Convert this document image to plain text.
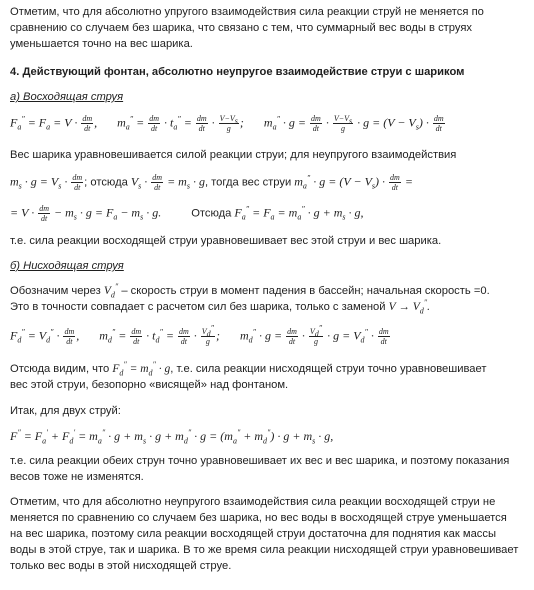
Отметим, что для абсолютно упругого взаимодействия сила реакции струй не меняется по сравнению со случаем без шарика, что связано с тем, что суммарный вес воды в струях уменьшается точно на вес шарика.

4. Действующий фонтан, абсолютно неупругое взаимодействие струи с шариком

а) Восходящая струя

$F_a'' = F_a = V \cdot \frac{dm}{dt}$ ,  $m_a'' = \frac{dm}{dt} \cdot t_a'' = \frac{dm}{dt} \cdot \frac{V-V_s}{g}$ ;  $m_a'' \cdot g = \frac{dm}{dt} \cdot \frac{V-V_s}{g} \cdot g = (V - V_s) \cdot \frac{dm}{dt}$

Вес шарика уравновешивается силой реакции струи; для неупругого взаимодействия

$m_s \cdot g = V_s \cdot \frac{dm}{dt}$ ; отсюда $V_s \cdot \frac{dm}{dt} = m_s \cdot g$, тогда вес струи $m_a'' \cdot g = (V - V_s) \cdot \frac{dm}{dt}$ =
= $V \cdot \frac{dm}{dt} - m_s \cdot g = F_a - m_s \cdot g$.  Отсюда $F_a'' = F_a = m_a'' \cdot g + m_s \cdot g$,

т.е. сила реакции восходящей струи уравновешивает вес этой струи и вес шарика.

б) Нисходящая струя

Обозначим через $V_d''$ – скорость струи в момент падения в бассейн; начальная скорость =0.

Это в точности совпадает с расчетом сил без шарика, только с заменой $V \to V_d''$.

$F_d'' = V_d'' \cdot \frac{dm}{dt}$ ,  $m_d'' = \frac{dm}{dt} \cdot t_d'' = \frac{dm}{dt} \cdot \frac{V_d''}{g}$ ;  $m_d'' \cdot g = \frac{dm}{dt} \cdot \frac{V_d''}{g} \cdot g = V_d'' \cdot \frac{dm}{dt}$

Отсюда видим, что $F_d'' = m_d'' \cdot g$, т.е. сила реакции нисходящей струи точно уравновешивает

вес этой струи, безопорно «висящей» над фонтаном.

Итак, для двух струй:

$F'' = F_a' + F_d' = m_a'' \cdot g + m_s \cdot g + m_d'' \cdot g = (m_a'' + m_d'') \cdot g + m_s \cdot g$,

т.е. сила реакции обеих струн точно уравновешивает их вес и вес шарика, и поэтому показания весов тоже не изменятся.

Отметим, что для абсолютно неупругого взаимодействия сила реакции восходящей струи не меняется по сравнению со случаем без шарика, но вес воды в восходящей струе уменьшается на вес шарика, поэтому сила реакции восходящей струи достаточна для поднятия как массы воды в этой струе, так и шарика. В то же время сила реакции нисходящей струи уравновешивает только вес воды в этой нисходящей струе.
